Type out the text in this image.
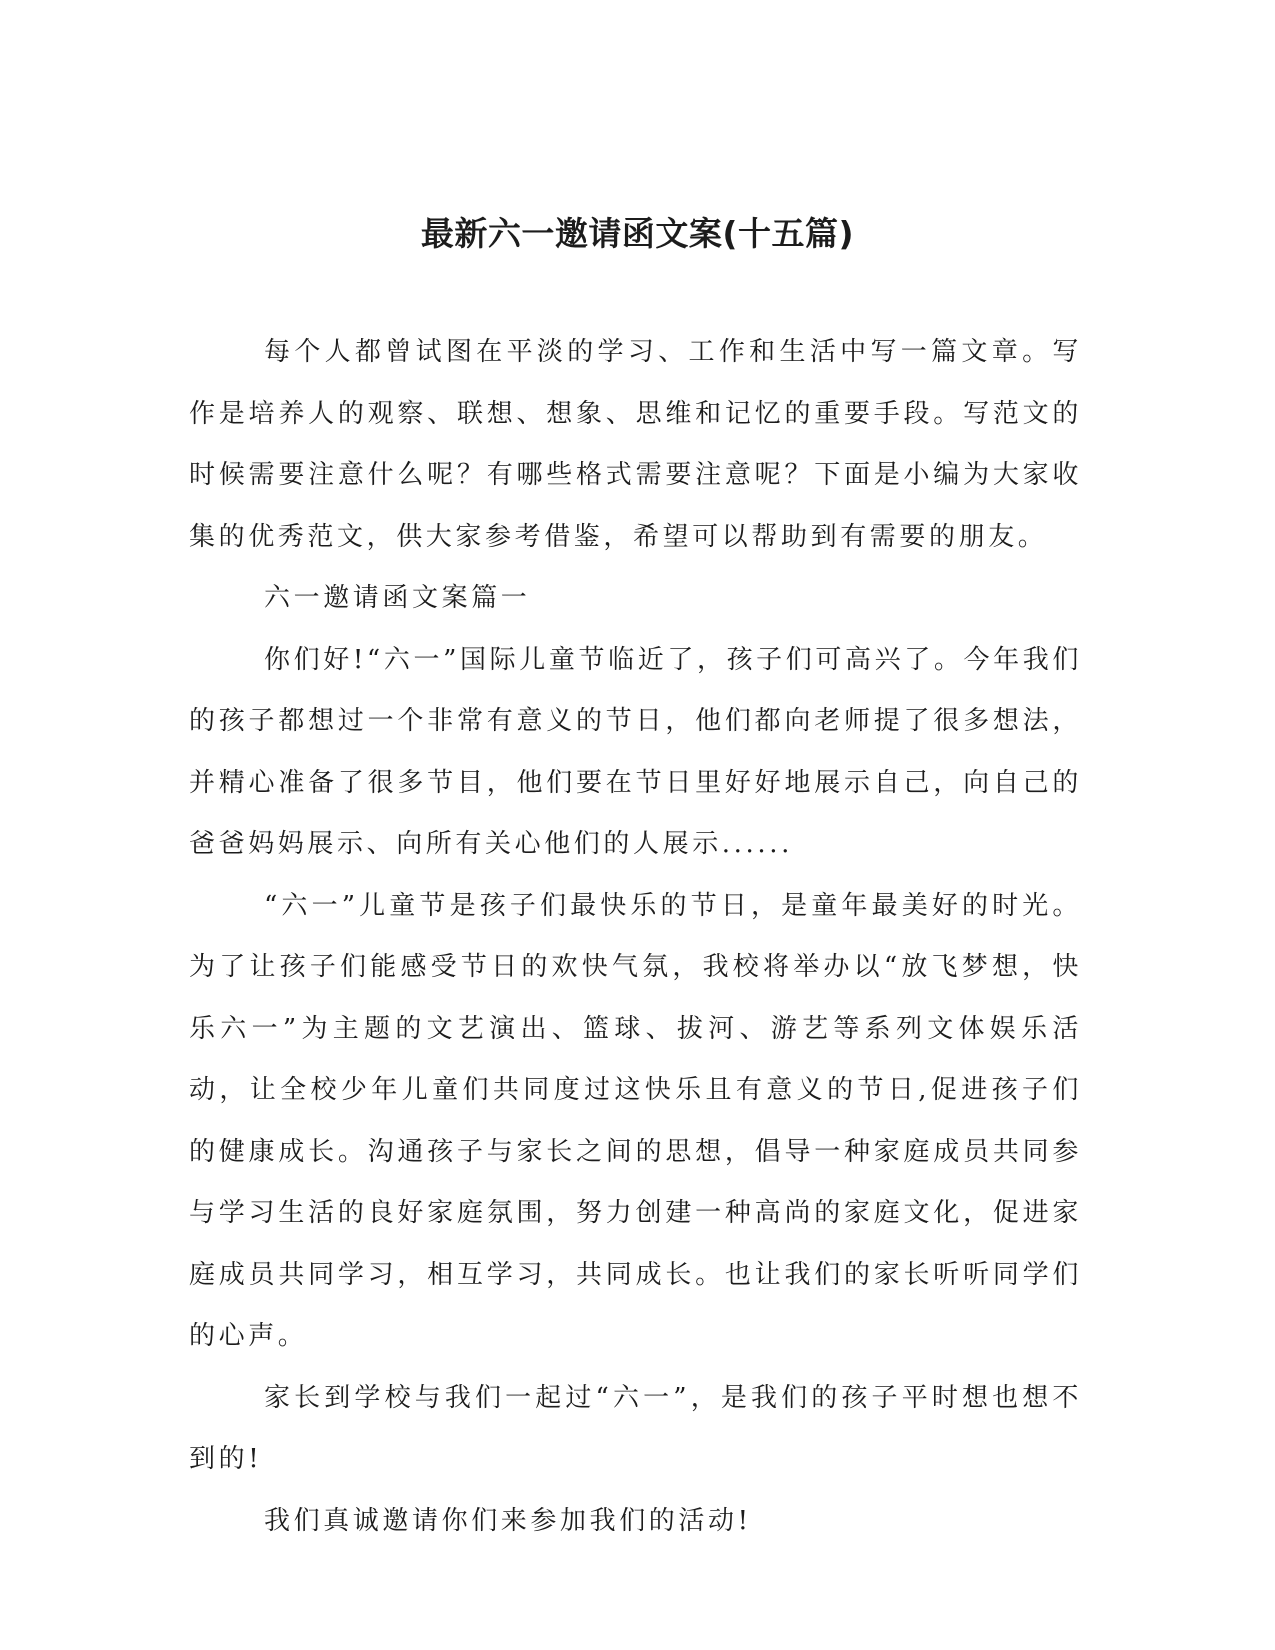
最新六一邀请函文案(十五篇)

每个人都曾试图在平淡的学习、工作和生活中写一篇文章。写作是培养人的观察、联想、想象、思维和记忆的重要手段。写范文的时候需要注意什么呢？有哪些格式需要注意呢？下面是小编为大家收集的优秀范文，供大家参考借鉴，希望可以帮助到有需要的朋友。

六一邀请函文案篇一

你们好!“六一”国际儿童节临近了，孩子们可高兴了。今年我们的孩子都想过一个非常有意义的节日，他们都向老师提了很多想法，并精心准备了很多节目，他们要在节日里好好地展示自己，向自己的爸爸妈妈展示、向所有关心他们的人展示......

“六一”儿童节是孩子们最快乐的节日，是童年最美好的时光。为了让孩子们能感受节日的欢快气氛，我校将举办以“放飞梦想，快乐六一”为主题的文艺演出、篮球、拔河、游艺等系列文体娱乐活动，让全校少年儿童们共同度过这快乐且有意义的节日,促进孩子们的健康成长。沟通孩子与家长之间的思想，倡导一种家庭成员共同参与学习生活的良好家庭氛围，努力创建一种高尚的家庭文化，促进家庭成员共同学习，相互学习，共同成长。也让我们的家长听听同学们的心声。

家长到学校与我们一起过“六一”，是我们的孩子平时想也想不到的!

我们真诚邀请你们来参加我们的活动!
